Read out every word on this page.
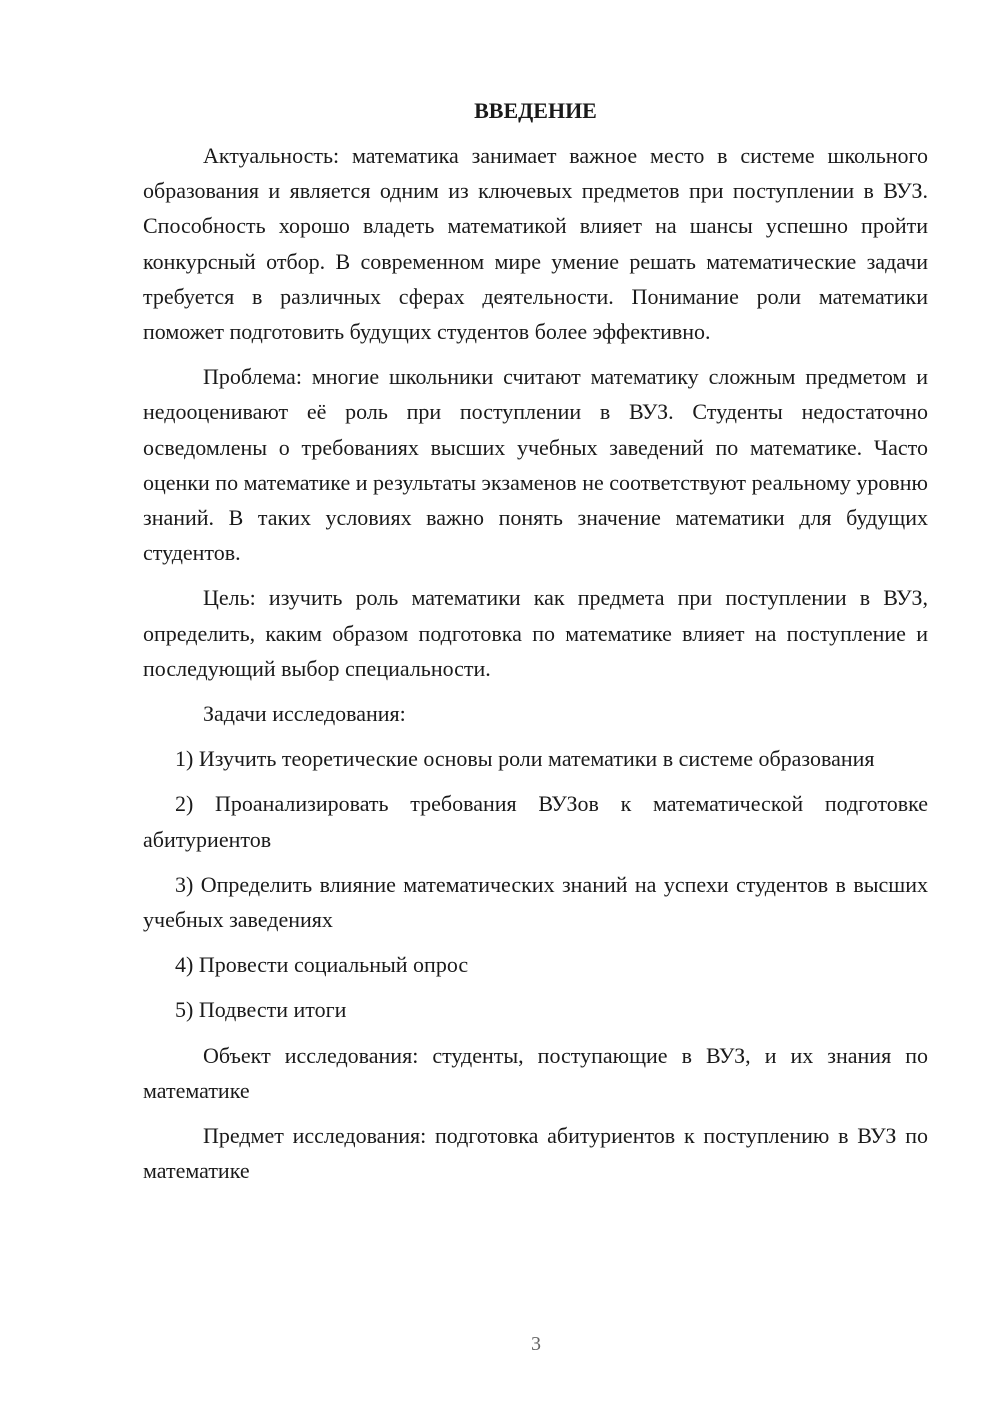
ВВЕДЕНИЕ

Актуальность: математика занимает важное место в системе школьного образования и является одним из ключевых предметов при поступлении в ВУЗ. Способность хорошо владеть математикой влияет на шансы успешно пройти конкурсный отбор. В современном мире умение решать математические задачи требуется в различных сферах деятельности. Понимание роли математики поможет подготовить будущих студентов более эффективно.

Проблема: многие школьники считают математику сложным предметом и недооценивают её роль при поступлении в ВУЗ. Студенты недостаточно осведомлены о требованиях высших учебных заведений по математике. Часто оценки по математике и результаты экзаменов не соответствуют реальному уровню знаний. В таких условиях важно понять значение математики для будущих студентов.

Цель: изучить роль математики как предмета при поступлении в ВУЗ, определить, каким образом подготовка по математике влияет на поступление и последующий выбор специальности.

Задачи исследования:

1) Изучить теоретические основы роли математики в системе образования

2) Проанализировать требования ВУЗов к математической подготовке абитуриентов

3) Определить влияние математических знаний на успехи студентов в высших учебных заведениях

4) Провести социальный опрос

5) Подвести итоги

Объект исследования: студенты, поступающие в ВУЗ, и их знания по математике

Предмет исследования: подготовка абитуриентов к поступлению в ВУЗ по математике

3
